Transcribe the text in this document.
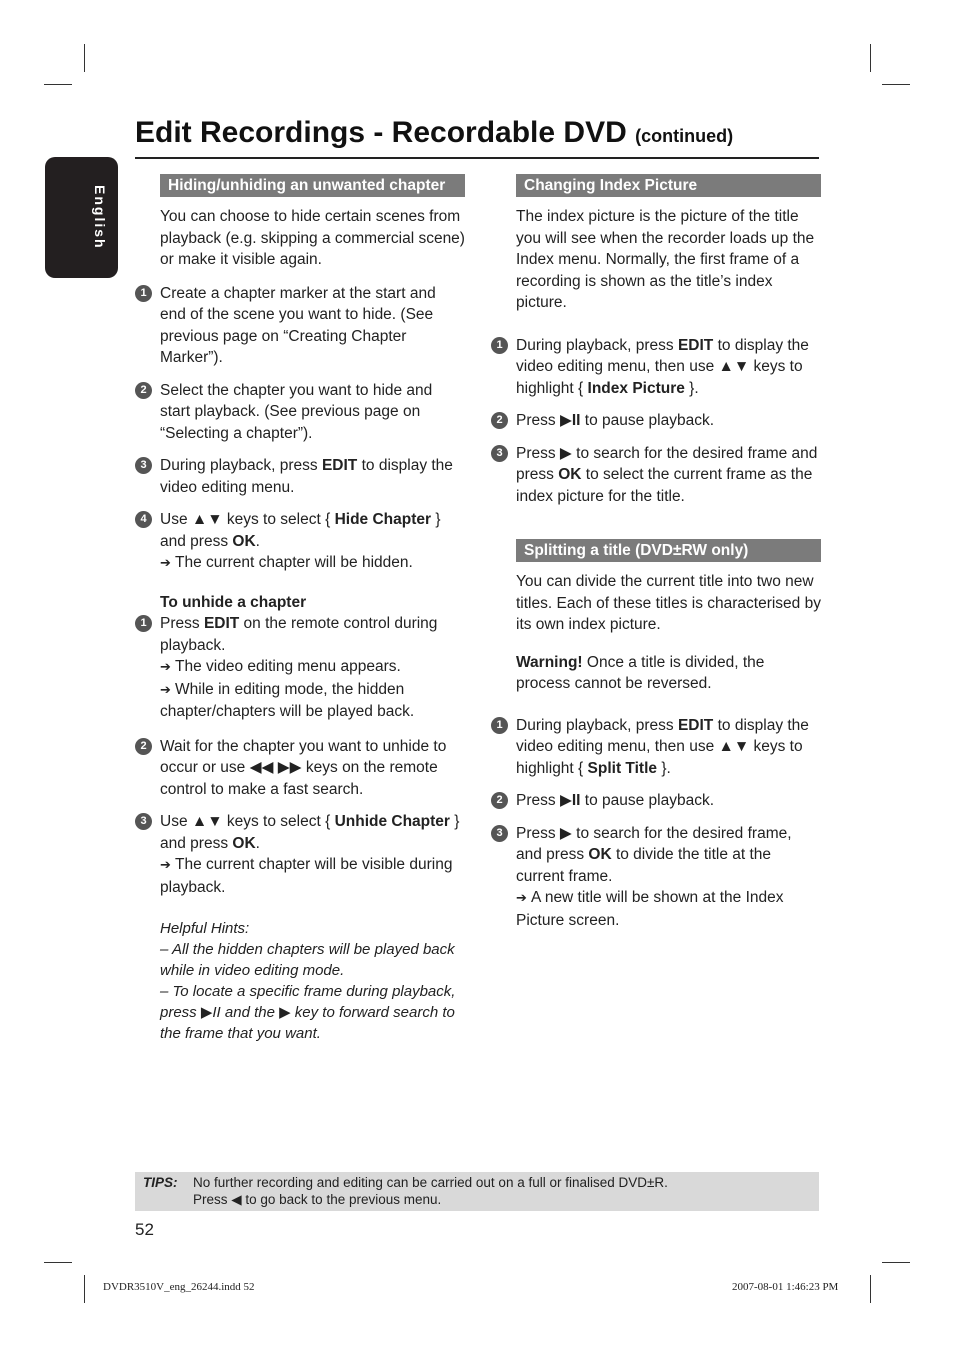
English
Edit Recordings - Recordable DVD (continued)
Hiding/unhiding an unwanted chapter

You can choose to hide certain scenes from playback (e.g. skipping a commercial scene) or make it visible again.

1 Create a chapter marker at the start and end of the scene you want to hide. (See previous page on “Creating Chapter Marker”).
2 Select the chapter you want to hide and start playback. (See previous page on “Selecting a chapter”).
3 During playback, press EDIT to display the video editing menu.
4 Use ▲▼ keys to select { Hide Chapter } and press OK.
➔ The current chapter will be hidden.
To unhide a chapter
1 Press EDIT on the remote control during playback.
➔ The video editing menu appears.
➔ While in editing mode, the hidden chapter/chapters will be played back.
2 Wait for the chapter you want to unhide to occur or use ◀◀ ▶▶ keys on the remote control to make a fast search.
3 Use ▲▼ keys to select { Unhide Chapter } and press OK.
➔ The current chapter will be visible during playback.
Helpful Hints:
– All the hidden chapters will be played back while in video editing mode.
– To locate a specific frame during playback, press ▶II and the ▶ key to forward search to the frame that you want.
Changing Index Picture

The index picture is the picture of the title you will see when the recorder loads up the Index menu. Normally, the first frame of a recording is shown as the title’s index picture.

1 During playback, press EDIT to display the video editing menu, then use ▲▼ keys to highlight { Index Picture }.
2 Press ▶II to pause playback.
3 Press ▶ to search for the desired frame and press OK to select the current frame as the index picture for the title.
Splitting a title (DVD±RW only)

You can divide the current title into two new titles. Each of these titles is characterised by its own index picture.

Warning! Once a title is divided, the process cannot be reversed.

1 During playback, press EDIT to display the video editing menu, then use ▲▼ keys to highlight { Split Title }.
2 Press ▶II to pause playback.
3 Press ▶ to search for the desired frame, and press OK to divide the title at the current frame.
➔ A new title will be shown at the Index Picture screen.
TIPS: No further recording and editing can be carried out on a full or finalised DVD±R.
Press ◀ to go back to the previous menu.
52
DVDR3510V_eng_26244.indd 52	2007-08-01 1:46:23 PM
